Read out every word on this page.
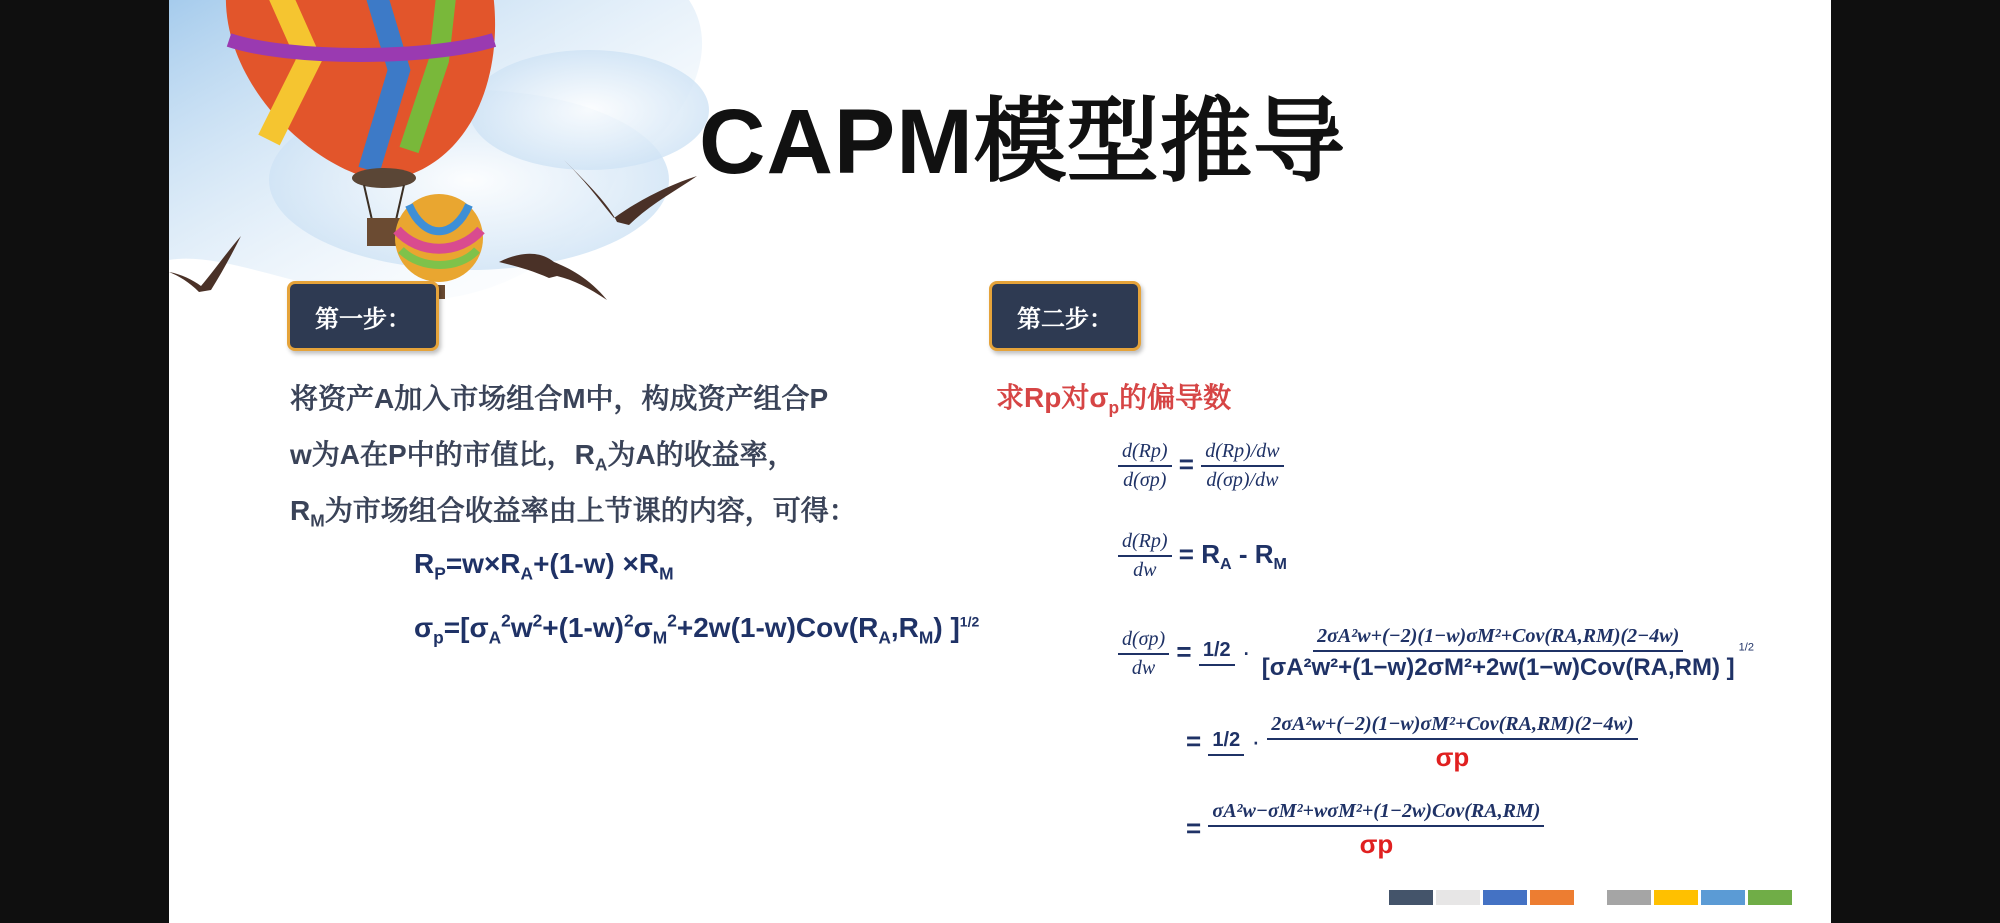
CAPM模型推导
第一步：
将资产A加入市场组合M中，构成资产组合P
w为A在P中的市值比，$R_A$为A的收益率，
$R_M$为市场组合收益率由上节课的内容，可得：
$R_P=w\times R_A+(1-w) \times R_M$
$\sigma_p=[\sigma_A^2w^2+(1-w)^2\sigma_M^2+2w(1-w)Cov(R_A,R_M)$ ]$^{1/2}$
第二步：
求Rp对$\sigma_p$的偏导数
$\frac{d(Rp)}{d(\sigma p)} = \frac{d(Rp)/dw}{d(\sigma p)/dw}$
$\frac{d(Rp)}{dw} = R_A - R_M$
$\frac{d(\sigma p)}{dw} = 1/2 \cdot \frac{\text{2σA²w+(−2)(1−w)σM²+Cov(RA,RM)(2−4w)}}{\text{[σA²w²+(1−w)2σM²+2w(1−w)Cov(RA,RM) ]}} ^{1/2}$
= $1/2 \cdot \frac{\text{2σA²w+(−2)(1−w)σM²+Cov(RA,RM)(2−4w)}}{\sigma p}$
= $\frac{\text{σA²w−σM²+wσM²+(1−2w)Cov(RA,RM)}}{\sigma p}$
